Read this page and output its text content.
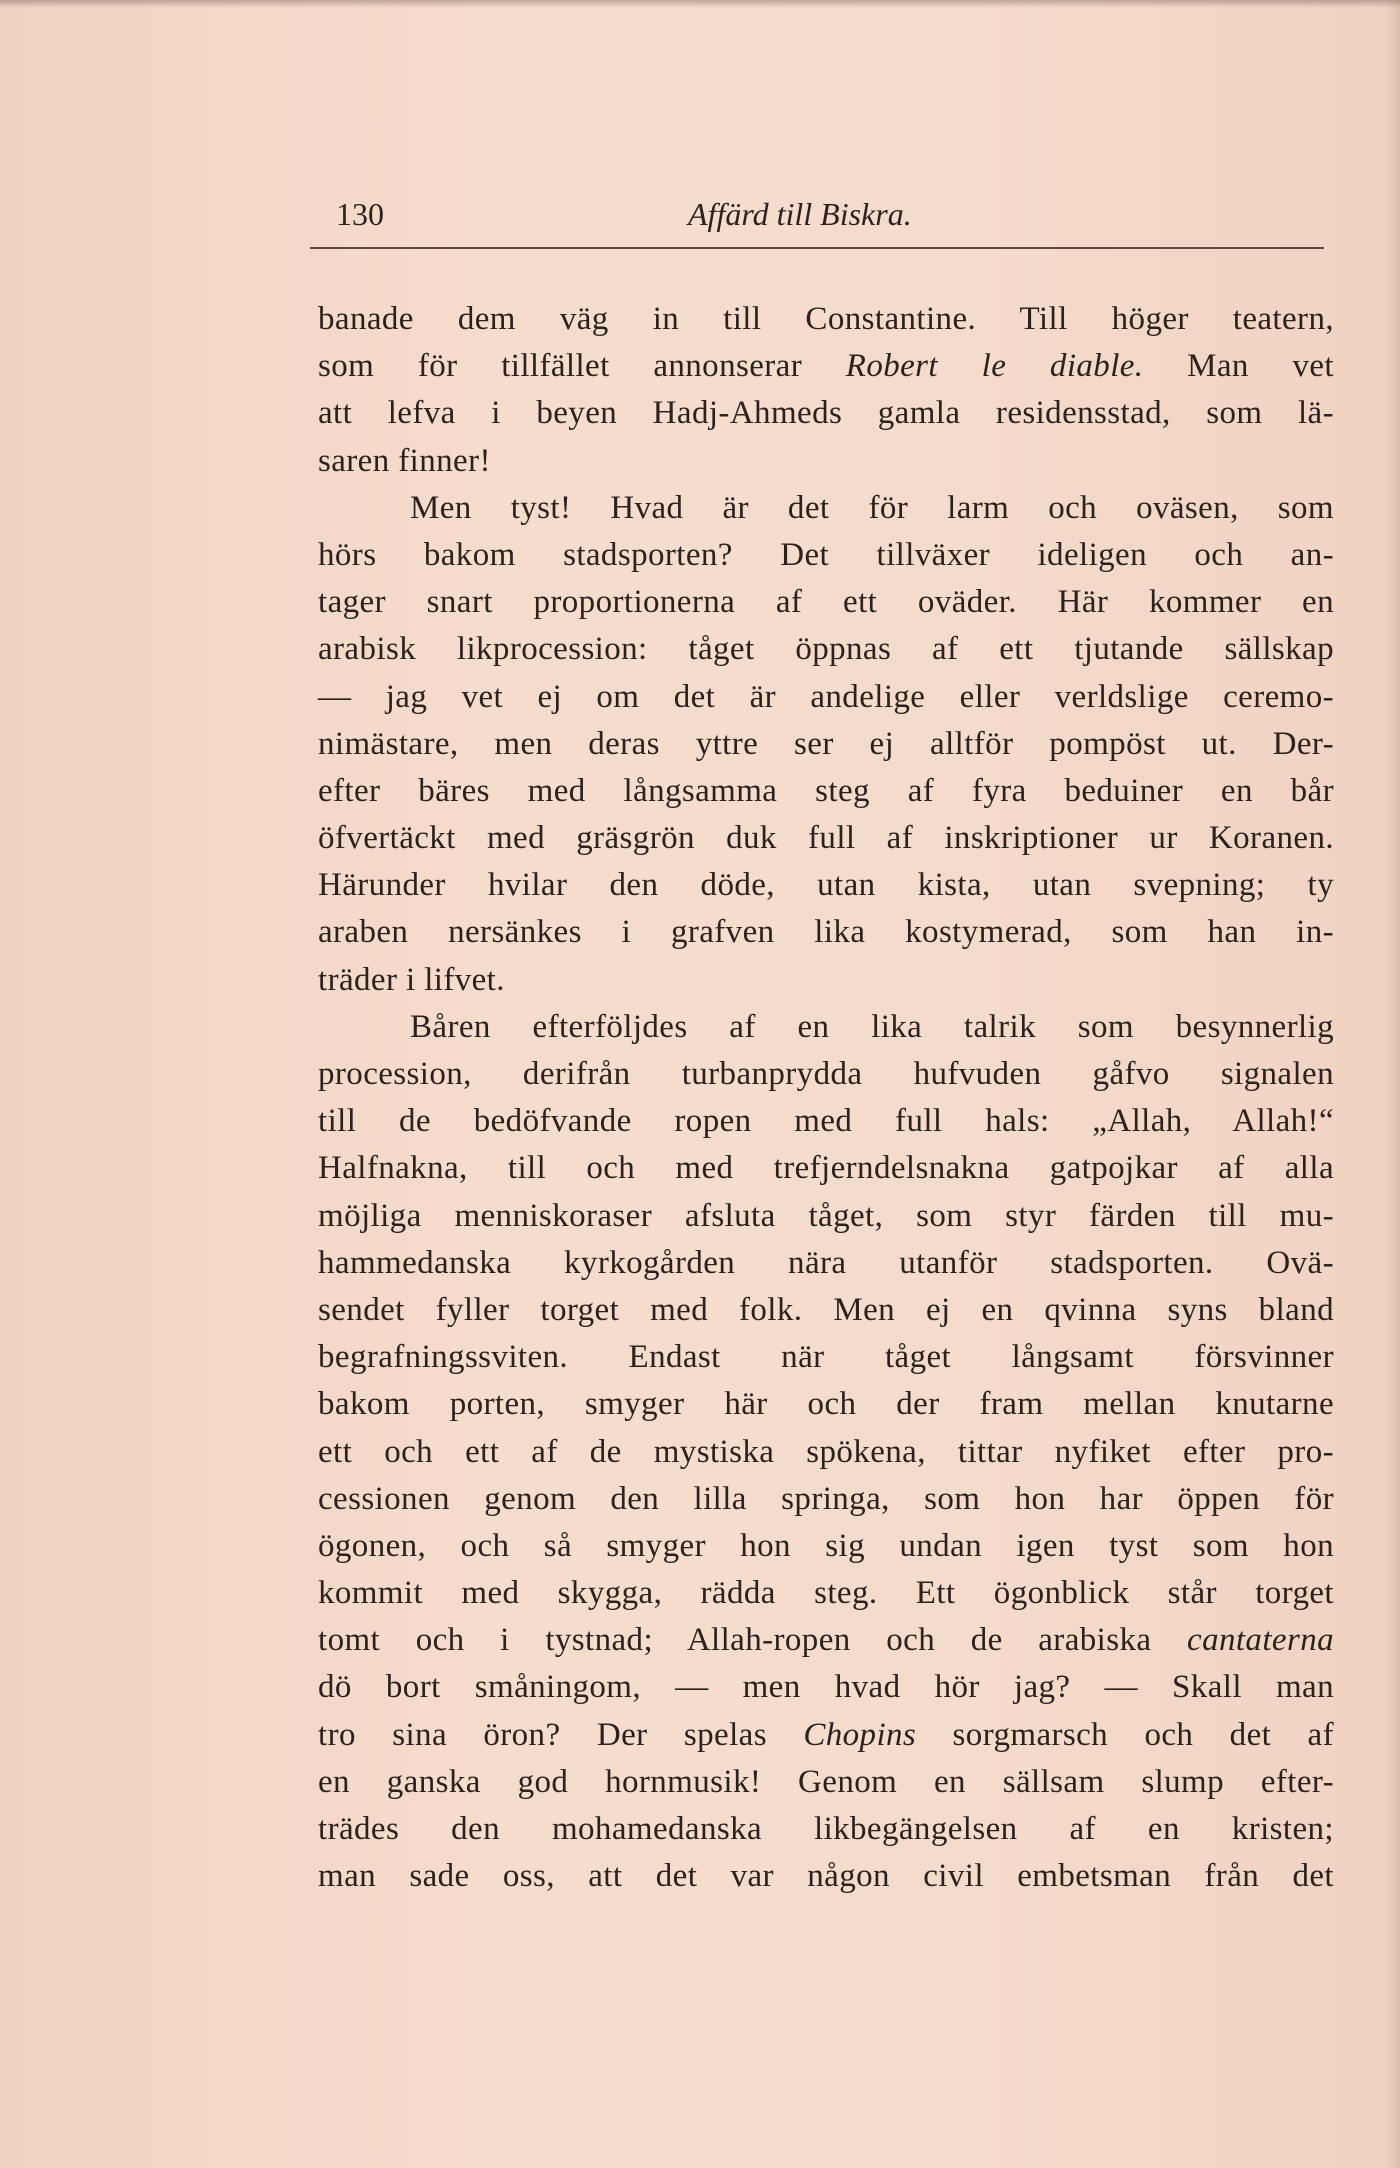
130	Affärd till Biskra.
banade dem väg in till Constantine. Till höger teatern,
som för tillfället annonserar Robert le diable. Man vet
att lefva i beyen Hadj-Ahmeds gamla residensstad, som lä-
saren finner!
Men tyst! Hvad är det för larm och oväsen, som
hörs bakom stadsporten? Det tillväxer ideligen och an-
tager snart proportionerna af ett oväder. Här kommer en
arabisk likprocession: tåget öppnas af ett tjutande sällskap
— jag vet ej om det är andelige eller verldslige ceremo-
nimästare, men deras yttre ser ej alltför pompöst ut. Der-
efter bäres med långsamma steg af fyra beduiner en bår
öfvertäckt med gräsgrön duk full af inskriptioner ur Koranen.
Härunder hvilar den döde, utan kista, utan svepning; ty
araben nersänkes i grafven lika kostymerad, som han in-
träder i lifvet.
Båren efterföljdes af en lika talrik som besynnerlig
procession, derifrån turbanprydda hufvuden gåfvo signalen
till de bedöfvande ropen med full hals: „Allah, Allah!“
Halfnakna, till och med trefjerndelsnakna gatpojkar af alla
möjliga menniskoraser afsluta tåget, som styr färden till mu-
hammedanska kyrkogården nära utanför stadsporten. Ovä-
sendet fyller torget med folk. Men ej en qvinna syns bland
begrafningssviten. Endast när tåget långsamt försvinner
bakom porten, smyger här och der fram mellan knutarne
ett och ett af de mystiska spökena, tittar nyfiket efter pro-
cessionen genom den lilla springa, som hon har öppen för
ögonen, och så smyger hon sig undan igen tyst som hon
kommit med skygga, rädda steg. Ett ögonblick står torget
tomt och i tystnad; Allah-ropen och de arabiska cantaterna
dö bort småningom, — men hvad hör jag? — Skall man
tro sina öron? Der spelas Chopins sorgmarsch och det af
en ganska god hornmusik! Genom en sällsam slump efter-
trädes den mohamedanska likbegängelsen af en kristen;
man sade oss, att det var någon civil embetsman från det
